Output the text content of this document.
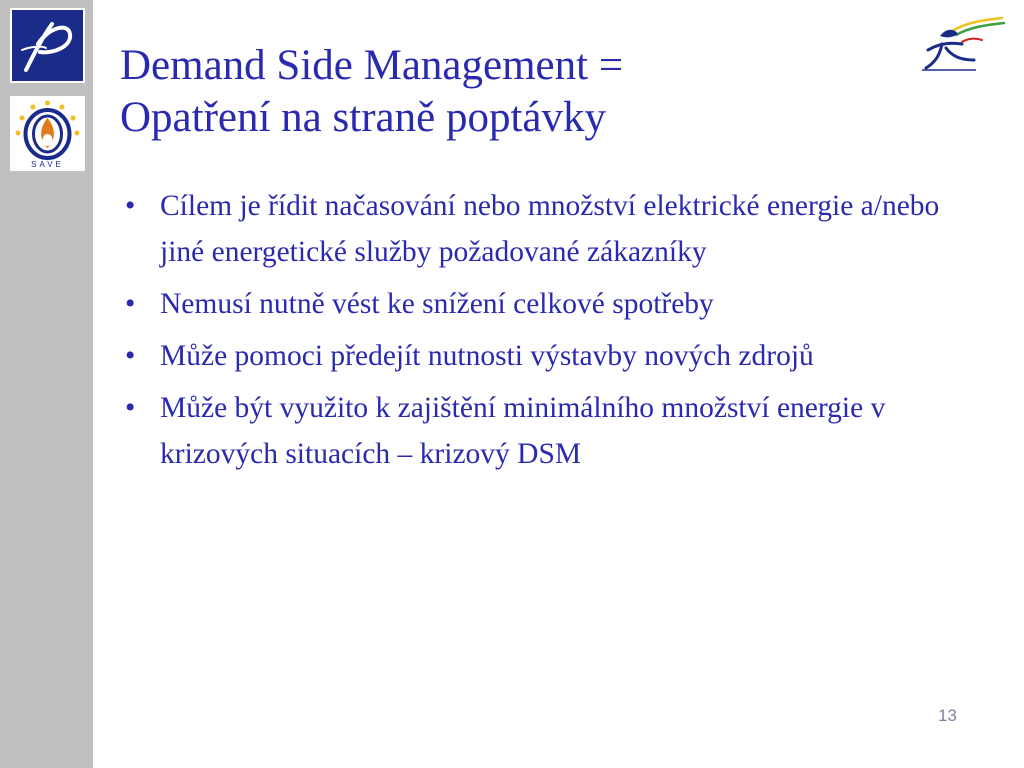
SAVE
Demand Side Management =
Opatření na straně poptávky
• Cílem je řídit načasování nebo množství elektrické energie a/nebo jiné energetické služby požadované zákazníky
• Nemusí nutně vést ke snížení celkové spotřeby
• Může pomoci předejít nutnosti výstavby nových zdrojů
• Může být využito k zajištění minimálního množství energie v krizových situacích – krizový DSM
13
